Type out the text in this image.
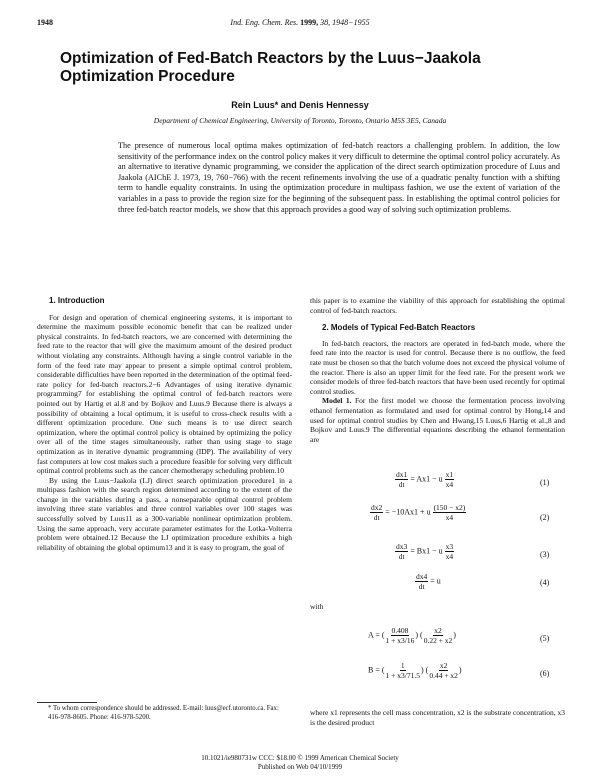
1948	Ind. Eng. Chem. Res. 1999, 38, 1948−1955
Optimization of Fed-Batch Reactors by the Luus−Jaakola Optimization Procedure
Rein Luus* and Denis Hennessy
Department of Chemical Engineering, University of Toronto, Toronto, Ontario M5S 3E5, Canada
The presence of numerous local optima makes optimization of fed-batch reactors a challenging problem. In addition, the low sensitivity of the performance index on the control policy makes it very difficult to determine the optimal control policy accurately. As an alternative to iterative dynamic programming, we consider the application of the direct search optimization procedure of Luus and Jaakola (AIChE J. 1973, 19, 760−766) with the recent refinements involving the use of a quadratic penalty function with a shifting term to handle equality constraints. In using the optimization procedure in multipass fashion, we use the extent of variation of the variables in a pass to provide the region size for the beginning of the subsequent pass. In establishing the optimal control policies for three fed-batch reactor models, we show that this approach provides a good way of solving such optimization problems.

1. Introduction

For design and operation of chemical engineering systems, it is important to determine the maximum possible economic benefit that can be realized under physical constraints. In fed-batch reactors, we are concerned with determining the feed rate to the reactor that will give the maximum amount of the desired product without violating any constraints. Although having a single control variable in the form of the feed rate may appear to present a simple optimal control problem, considerable difficulties have been reported in the determination of the optimal feed-rate policy for fed-batch reactors.2−6 Advantages of using iterative dynamic programming7 for establishing the optimal control of fed-batch reactors were pointed out by Hartig et al.8 and by Bojkov and Luus.9 Because there is always a possibility of obtaining a local optimum, it is useful to cross-check results with a different optimization procedure. One such means is to use direct search optimization, where the optimal control policy is obtained by optimizing the policy over all of the time stages simultaneously, rather than using stage to stage optimization as in iterative dynamic programming (IDP). The availability of very fast computers at low cost makes such a procedure feasible for solving very difficult optimal control problems such as the cancer chemotherapy scheduling problem.10

By using the Luus−Jaakola (LJ) direct search optimization procedure1 in a multipass fashion with the search region determined according to the extent of the change in the variables during a pass, a nonseparable optimal control problem involving three state variables and three control variables over 100 stages was successfully solved by Luus11 as a 300-variable nonlinear optimization problem. Using the same approach, very accurate parameter estimates for the Lotka-Volterra problem were obtained.12 Because the LJ optimization procedure exhibits a high reliability of obtaining the global optimum13 and it is easy to program, the goal of

this paper is to examine the viability of this approach for establishing the optimal control of fed-batch reactors.

2. Models of Typical Fed-Batch Reactors

In fed-batch reactors, the reactors are operated in fed-batch mode, where the feed rate into the reactor is used for control. Because there is no outflow, the feed rate must be chosen so that the batch volume does not exceed the physical volume of the reactor. There is also an upper limit for the feed rate. For the present work we consider models of three fed-batch reactors that have been used recently for optimal control studies.

Model 1. For the first model we choose the fermentation process involving ethanol fermentation as formulated and used for optimal control by Hong,14 and used for optimal control studies by Chen and Hwang,15 Luus,6 Hartig et al.,8 and Bojkov and Luus.9 The differential equations describing the ethanol fermentation are

$\frac{dx1}{dt} = Ax1 - u \frac{x1}{x4}$	(1)
$\frac{dx2}{dt} = -10Ax1 + u \frac{(150 - x2)}{x4}$	(2)
$\frac{dx3}{dt} = Bx1 - u \frac{x3}{x4}$	(3)
$\frac{dx4}{dt} = u$	(4)
with
A = ( $\frac{0.408}{1 + x3/16}$ ) ( $\frac{x2}{0.22 + x2}$ )	(5)
B = ( $\frac{1}{1 + x3/71.5}$ ) ( $\frac{x2}{0.44 + x2}$ )	(6)
where x1 represents the cell mass concentration, x2 is the substrate concentration, x3 is the desired product
* To whom correspondence should be addressed. E-mail: luus@ecf.utoronto.ca. Fax: 416-978-8605. Phone: 416-978-5200.
10.1021/ie980731w CCC: $18.00 © 1999 American Chemical Society
Published on Web 04/10/1999
